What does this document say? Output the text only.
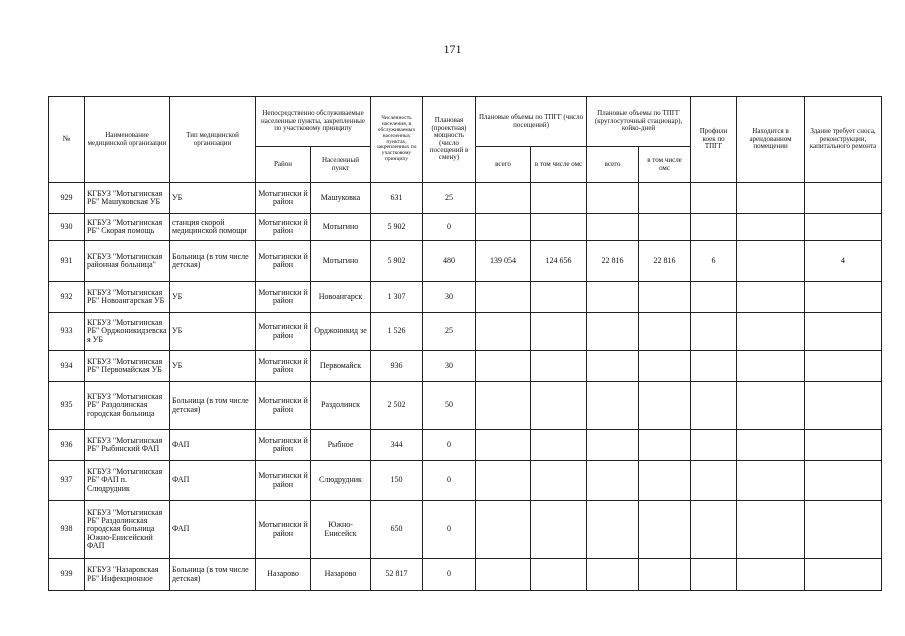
171
№	Наименование медицинской организации	Тип медицинской организации	Непосредственно обслуживаемые населенные пункты, закрепленные по участковому принципу		Численность населения, в обслуживаемых населенных пунктах, закрепленных по участковому принципу	Плановая (проектная) мощность (число посещений в смену)	Плановые объемы по ТПГГ (число посещений)		Плановые объемы по ТПГГ (круглосуточный стационар), койко-дней		Профили коек по ТПГГ	Находится в арендованном помещении	Здание требует сноса, реконструкции, капитального ремонта
			Район	Населенный пункт			всего	в том числе омс	всего	в том числе омс			
929	КГБУЗ "Мотыгинская РБ" Машуковская УБ	УБ	Мотыгински й район	Машуковка	631	25							
930	КГБУЗ "Мотыгинская РБ" Скорая помощь	станция скорой медицинской помощи	Мотыгински й район	Мотыгино	5 902	0							
931	КГБУЗ "Мотыгинская районная больница"	Больница (в том числе детская)	Мотыгински й район	Мотыгино	5 902	480	139 054	124 656	22 816	22 816	6		4
932	КГБУЗ "Мотыгинская РБ" Новоангарская УБ	УБ	Мотыгински й район	Новоангарск	1 307	30							
933	КГБУЗ "Мотыгинская РБ" Орджоникидзевска я УБ	УБ	Мотыгински й район	Орджоникид зе	1 526	25							
934	КГБУЗ "Мотыгинская РБ" Первомайская УБ	УБ	Мотыгински й район	Первомайск	936	30							
935	КГБУЗ "Мотыгинская РБ" Раздолинская городская больница	Больница (в том числе детская)	Мотыгински й район	Раздолинск	2 502	50							
936	КГБУЗ "Мотыгинская РБ" Рыбинский ФАП	ФАП	Мотыгински й район	Рыбное	344	0							
937	КГБУЗ "Мотыгинская РБ" ФАП п. Слюдрудник	ФАП	Мотыгински й район	Слюдрудник	150	0							
938	КГБУЗ "Мотыгинская РБ" Раздолинская городская больница Южно-Енисейский ФАП	ФАП	Мотыгински й район	Южно-Енисейск	650	0							
939	КГБУЗ "Назаровская РБ" Инфекционное	Больница (в том числе детская)	Назарово	Назарово	52 817	0							
